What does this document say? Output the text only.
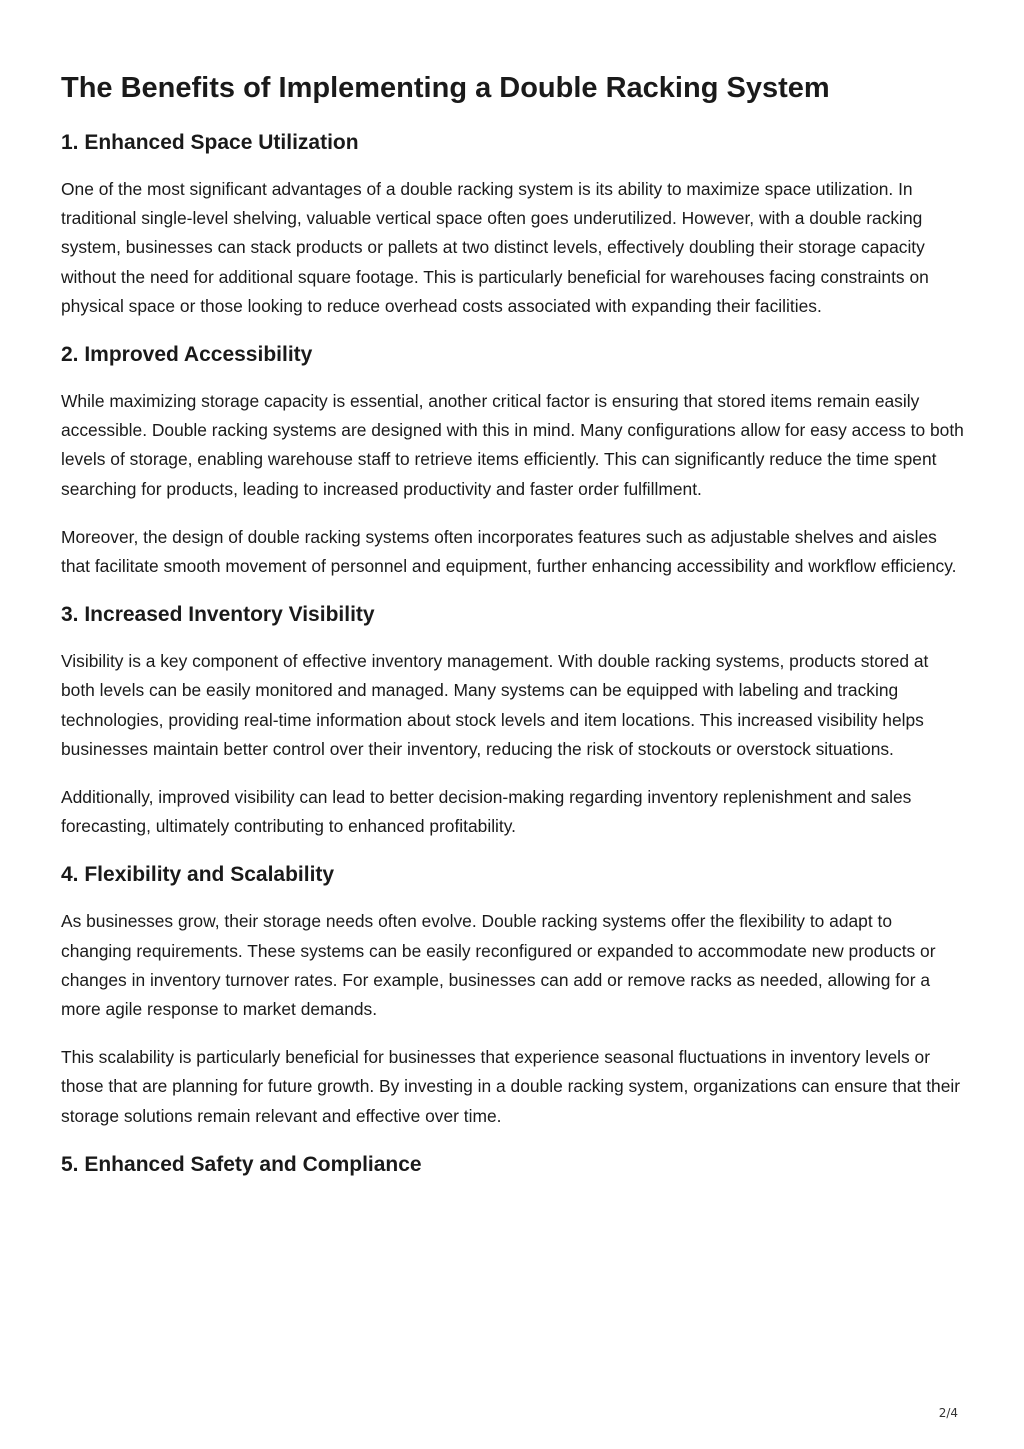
The Benefits of Implementing a Double Racking System
1. Enhanced Space Utilization

One of the most significant advantages of a double racking system is its ability to maximize space utilization. In traditional single-level shelving, valuable vertical space often goes underutilized. However, with a double racking system, businesses can stack products or pallets at two distinct levels, effectively doubling their storage capacity without the need for additional square footage. This is particularly beneficial for warehouses facing constraints on physical space or those looking to reduce overhead costs associated with expanding their facilities.

2. Improved Accessibility

While maximizing storage capacity is essential, another critical factor is ensuring that stored items remain easily accessible. Double racking systems are designed with this in mind. Many configurations allow for easy access to both levels of storage, enabling warehouse staff to retrieve items efficiently. This can significantly reduce the time spent searching for products, leading to increased productivity and faster order fulfillment.

Moreover, the design of double racking systems often incorporates features such as adjustable shelves and aisles that facilitate smooth movement of personnel and equipment, further enhancing accessibility and workflow efficiency.

3. Increased Inventory Visibility

Visibility is a key component of effective inventory management. With double racking systems, products stored at both levels can be easily monitored and managed. Many systems can be equipped with labeling and tracking technologies, providing real-time information about stock levels and item locations. This increased visibility helps businesses maintain better control over their inventory, reducing the risk of stockouts or overstock situations.

Additionally, improved visibility can lead to better decision-making regarding inventory replenishment and sales forecasting, ultimately contributing to enhanced profitability.

4. Flexibility and Scalability

As businesses grow, their storage needs often evolve. Double racking systems offer the flexibility to adapt to changing requirements. These systems can be easily reconfigured or expanded to accommodate new products or changes in inventory turnover rates. For example, businesses can add or remove racks as needed, allowing for a more agile response to market demands.

This scalability is particularly beneficial for businesses that experience seasonal fluctuations in inventory levels or those that are planning for future growth. By investing in a double racking system, organizations can ensure that their storage solutions remain relevant and effective over time.

5. Enhanced Safety and Compliance
2/4
